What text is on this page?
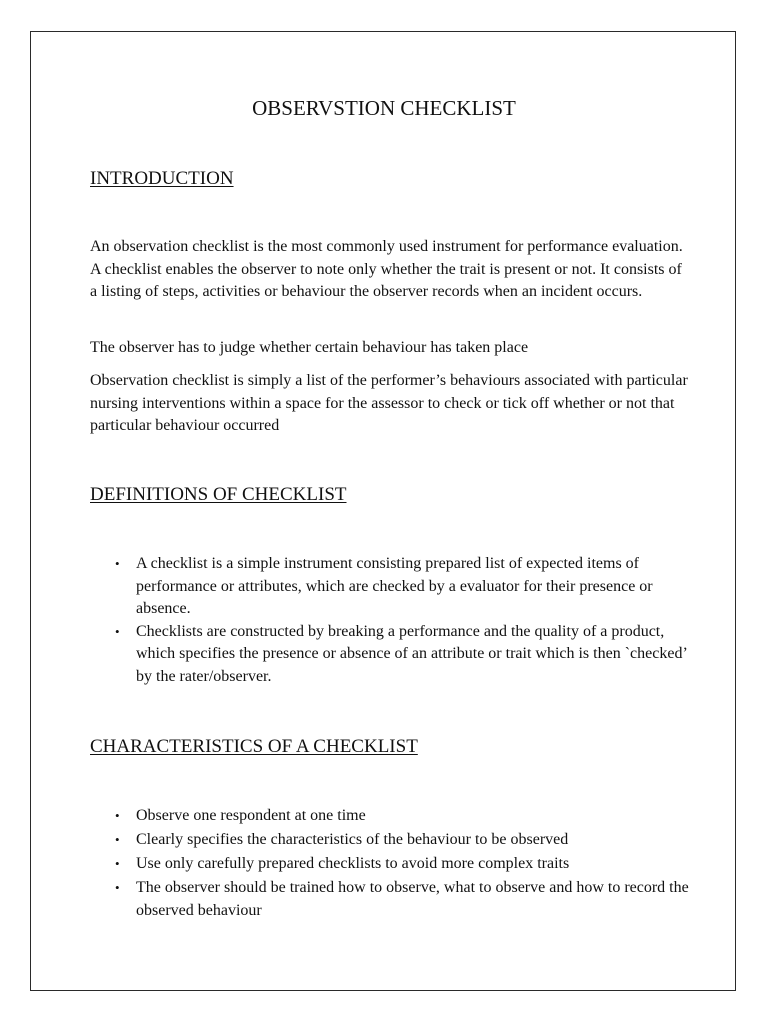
OBSERVSTION CHECKLIST
INTRODUCTION

An observation checklist is the most commonly used instrument for performance evaluation. A checklist enables the observer to note only whether the trait is present or not. It consists of a listing of steps, activities or behaviour the observer records when an incident occurs.

The observer has to judge whether certain behaviour has taken place

Observation checklist is simply a list of the performer’s behaviours associated with particular nursing interventions within a space for the assessor to check or tick off whether or not that particular behaviour occurred

DEFINITIONS OF CHECKLIST
• A checklist is a simple instrument consisting prepared list of expected items of performance or attributes, which are checked by a evaluator for their presence or absence.
• Checklists are constructed by breaking a performance and the quality of a product, which specifies the presence or absence of an attribute or trait which is then `checked’ by the rater/observer.
CHARACTERISTICS OF A CHECKLIST
• Observe one respondent at one time
• Clearly specifies the characteristics of the behaviour to be observed
• Use only carefully prepared checklists to avoid more complex traits
• The observer should be trained how to observe, what to observe and how to record the observed behaviour
